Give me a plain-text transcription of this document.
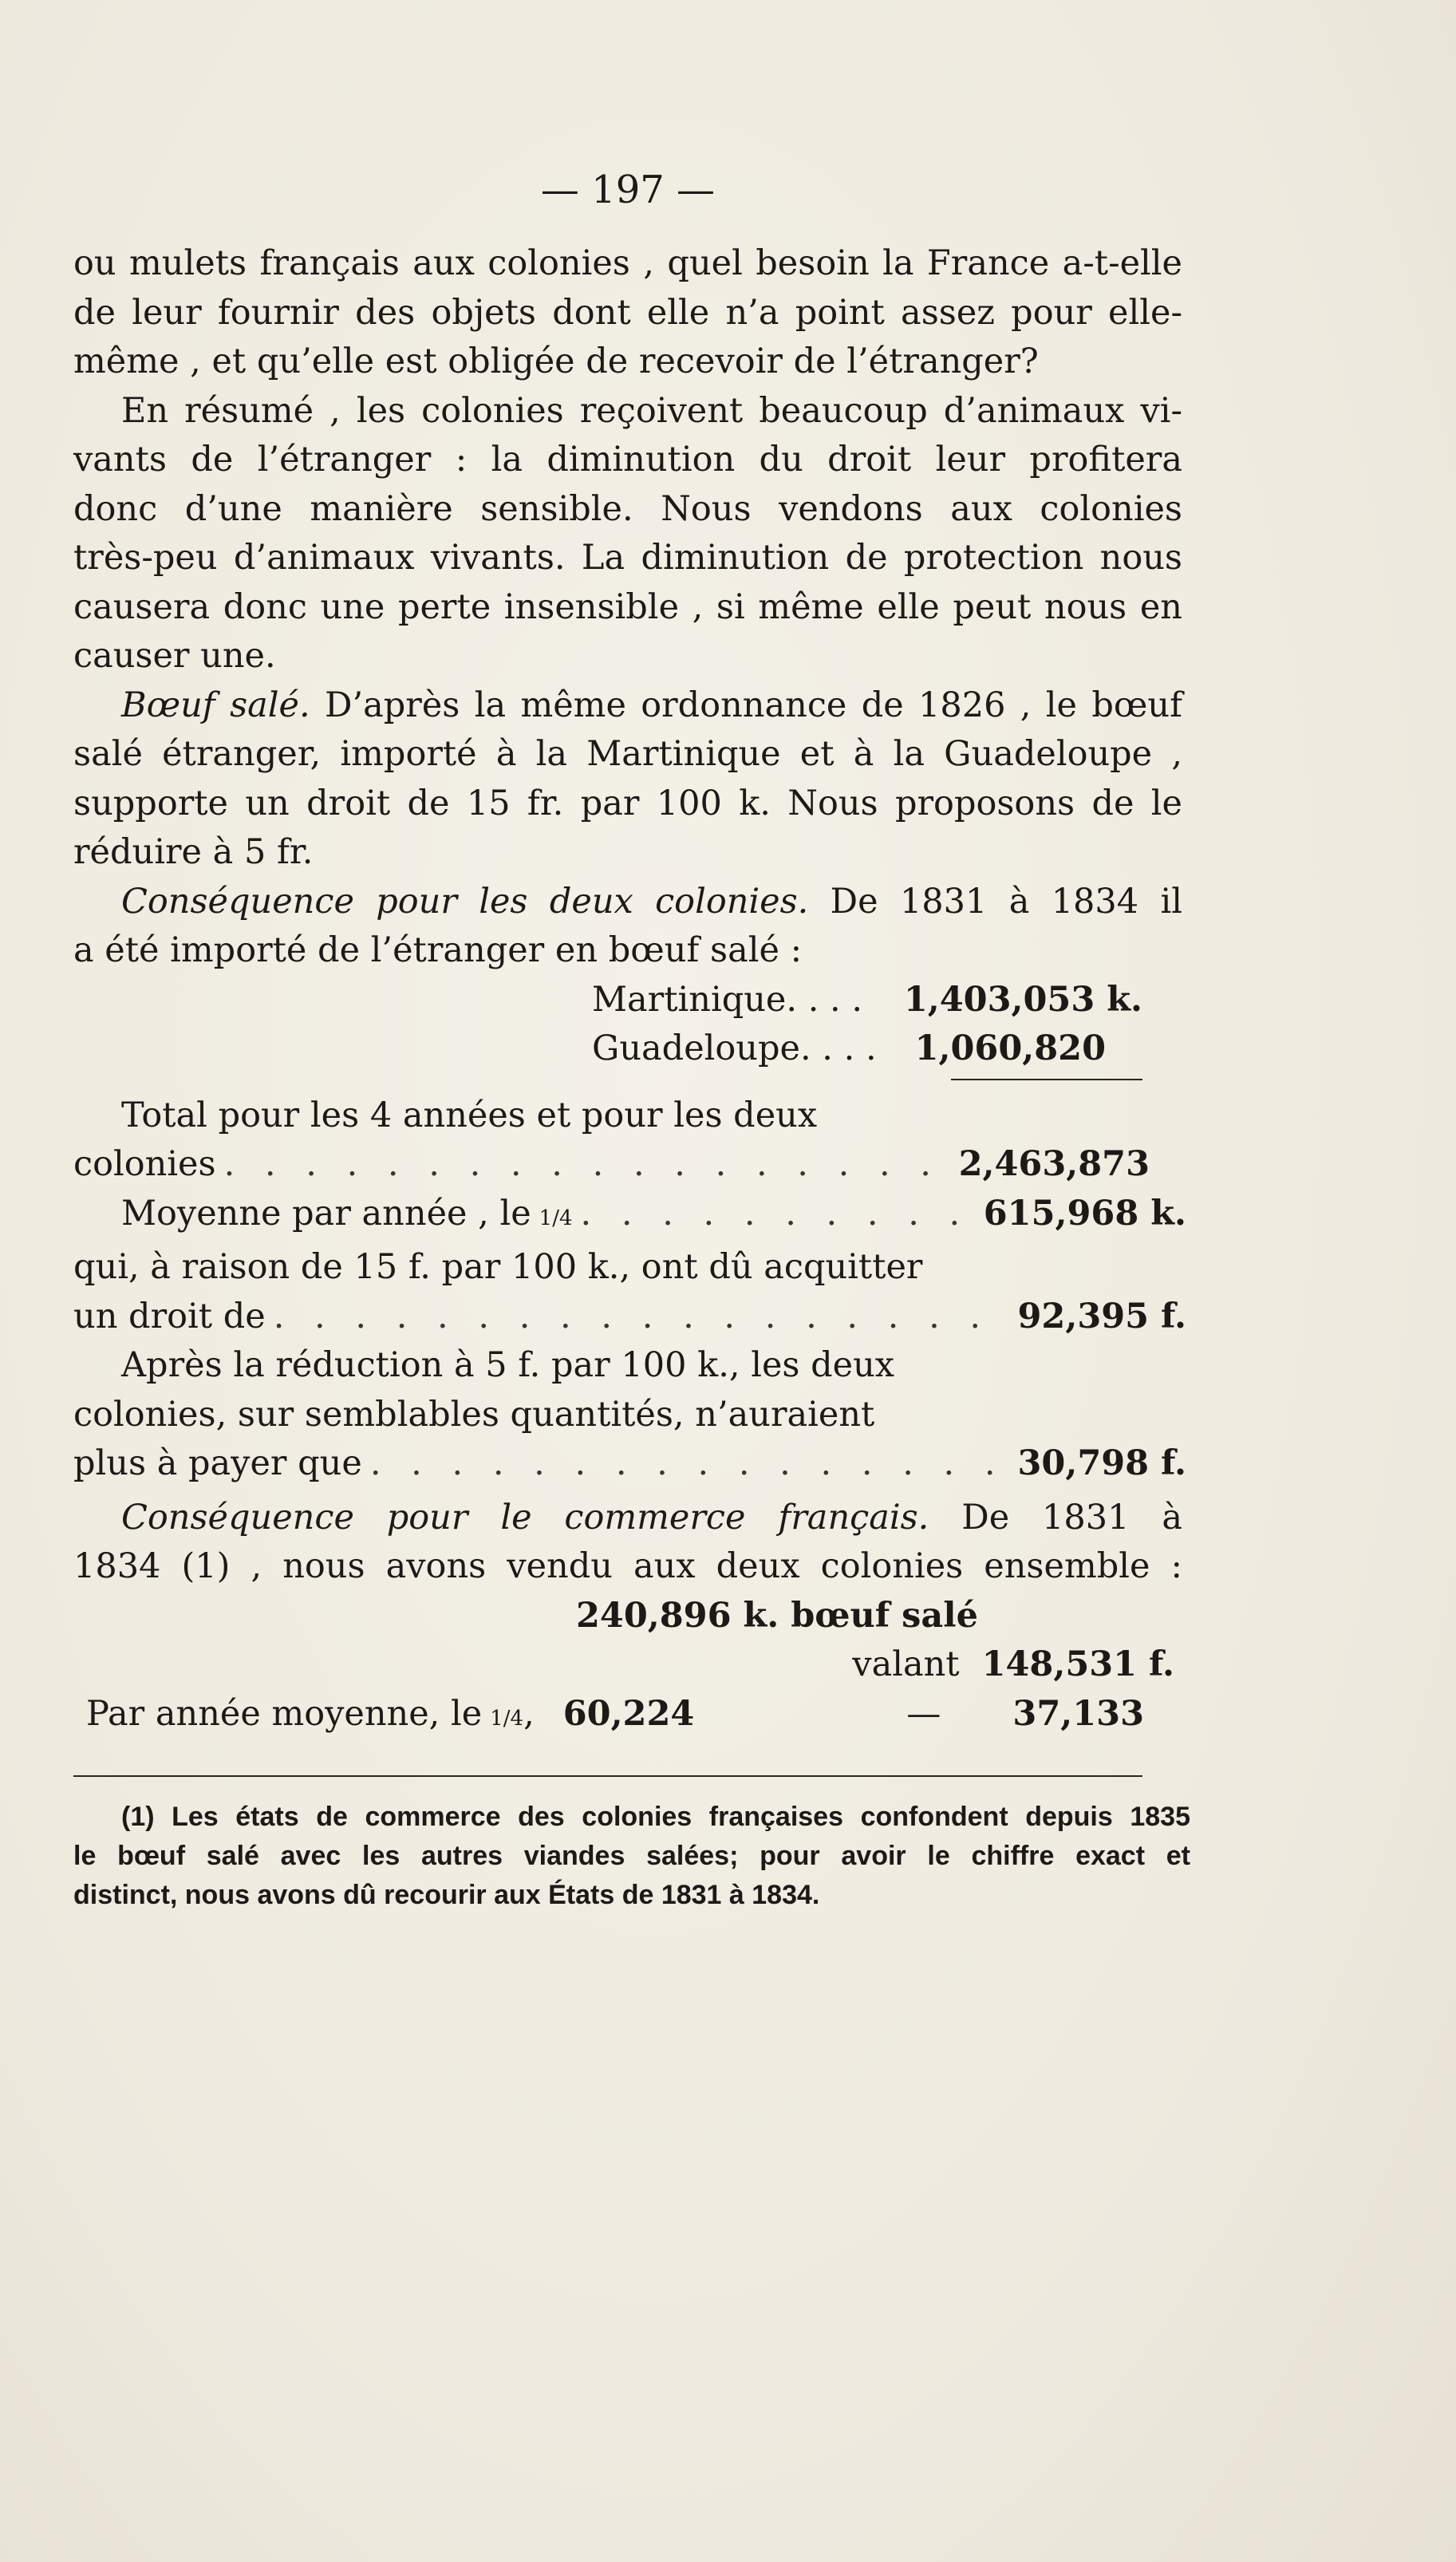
— 197 —

ou mulets français aux colonies , quel besoin la France a-t-elle

de leur fournir des objets dont elle n’a point assez pour elle-

même , et qu’elle est obligée de recevoir de l’étranger?

En résumé , les colonies reçoivent beaucoup d’animaux vi-

vants de l’étranger : la diminution du droit leur profitera

donc d’une manière sensible. Nous vendons aux colonies

très-peu d’animaux vivants. La diminution de protection nous

causera donc une perte insensible , si même elle peut nous en

causer une.

Bœuf salé. D’après la même ordonnance de 1826 , le bœuf

salé étranger, importé à la Martinique et à la Guadeloupe ,

supporte un droit de 15 fr. par 100 k. Nous proposons de le

réduire à 5 fr.

Conséquence pour les deux colonies. De 1831 à 1834 il

a été importé de l’étranger en bœuf salé :

Martinique. . . . 1,403,053 k.
Guadeloupe. . . . 1,060,820

Total pour les 4 années et pour les deux

colonies . . .	2,463,873
Moyenne par année , le 1/4 . . .	615,968 k.

qui, à raison de 15 f. par 100 k., ont dû acquitter

un droit de . . .	92,395 f.

Après la réduction à 5 f. par 100 k., les deux

colonies, sur semblables quantités, n’auraient

plus à payer que . . .	30,798 f.

Conséquence pour le commerce français. De 1831 à

1834 (1) , nous avons vendu aux deux colonies ensemble :

240,896 k. bœuf salé
valant 148,531 f.
Par année moyenne, le 1/4 , 60,224	— 37,133

(1) Les états de commerce des colonies françaises confondent depuis 1835

le bœuf salé avec les autres viandes salées; pour avoir le chiffre exact et

distinct, nous avons dû recourir aux États de 1831 à 1834.
